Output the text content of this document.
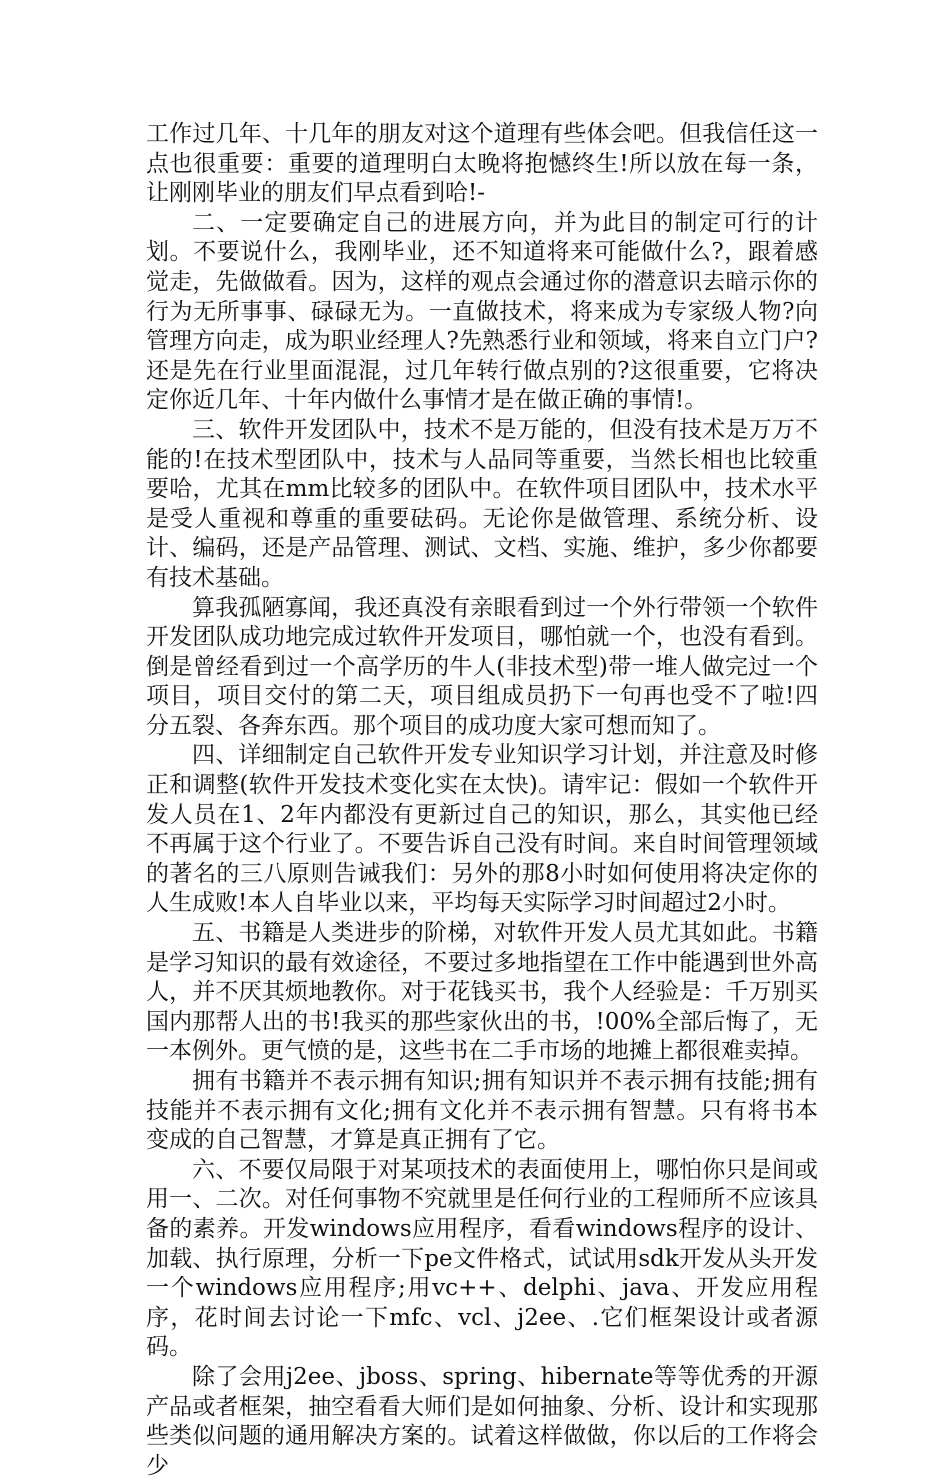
工作过几年、十几年的朋友对这个道理有些体会吧。但我信任这一点也很重要：重要的道理明白太晚将抱憾终生!所以放在每一条，让刚刚毕业的朋友们早点看到哈!-

二、一定要确定自己的进展方向，并为此目的制定可行的计划。不要说什么，我刚毕业，还不知道将来可能做什么?，跟着感觉走，先做做看。因为，这样的观点会通过你的潜意识去暗示你的行为无所事事、碌碌无为。一直做技术，将来成为专家级人物?向管理方向走，成为职业经理人?先熟悉行业和领域，将来自立门户?还是先在行业里面混混，过几年转行做点别的?这很重要，它将决定你近几年、十年内做什么事情才是在做正确的事情!。

三、软件开发团队中，技术不是万能的，但没有技术是万万不能的!在技术型团队中，技术与人品同等重要，当然长相也比较重要哈，尤其在mm比较多的团队中。在软件项目团队中，技术水平是受人重视和尊重的重要砝码。无论你是做管理、系统分析、设计、编码，还是产品管理、测试、文档、实施、维护，多少你都要有技术基础。

算我孤陋寡闻，我还真没有亲眼看到过一个外行带领一个软件开发团队成功地完成过软件开发项目，哪怕就一个，也没有看到。倒是曾经看到过一个高学历的牛人(非技术型)带一堆人做完过一个项目，项目交付的第二天，项目组成员扔下一句再也受不了啦!四分五裂、各奔东西。那个项目的成功度大家可想而知了。

四、详细制定自己软件开发专业知识学习计划，并注意及时修正和调整(软件开发技术变化实在太快)。请牢记：假如一个软件开发人员在1、2年内都没有更新过自己的知识，那么，其实他已经不再属于这个行业了。不要告诉自己没有时间。来自时间管理领域的著名的三八原则告诫我们：另外的那8小时如何使用将决定你的人生成败!本人自毕业以来，平均每天实际学习时间超过2小时。

五、书籍是人类进步的阶梯，对软件开发人员尤其如此。书籍是学习知识的最有效途径，不要过多地指望在工作中能遇到世外高人，并不厌其烦地教你。对于花钱买书，我个人经验是：千万别买国内那帮人出的书!我买的那些家伙出的书，!00%全部后悔了，无一本例外。更气愤的是，这些书在二手市场的地摊上都很难卖掉。

拥有书籍并不表示拥有知识;拥有知识并不表示拥有技能;拥有技能并不表示拥有文化;拥有文化并不表示拥有智慧。只有将书本变成的自己智慧，才算是真正拥有了它。

六、不要仅局限于对某项技术的表面使用上，哪怕你只是间或用一、二次。对任何事物不究就里是任何行业的工程师所不应该具备的素养。开发windows应用程序，看看windows程序的设计、加载、执行原理，分析一下pe文件格式，试试用sdk开发从头开发一个windows应用程序;用vc++、delphi、java、开发应用程序，花时间去讨论一下mfc、vcl、j2ee、.它们框架设计或者源码。

除了会用j2ee、jboss、spring、hibernate等等优秀的开源产品或者框架，抽空看看大师们是如何抽象、分析、设计和实现那些类似问题的通用解决方案的。试着这样做做，你以后的工作将会少
